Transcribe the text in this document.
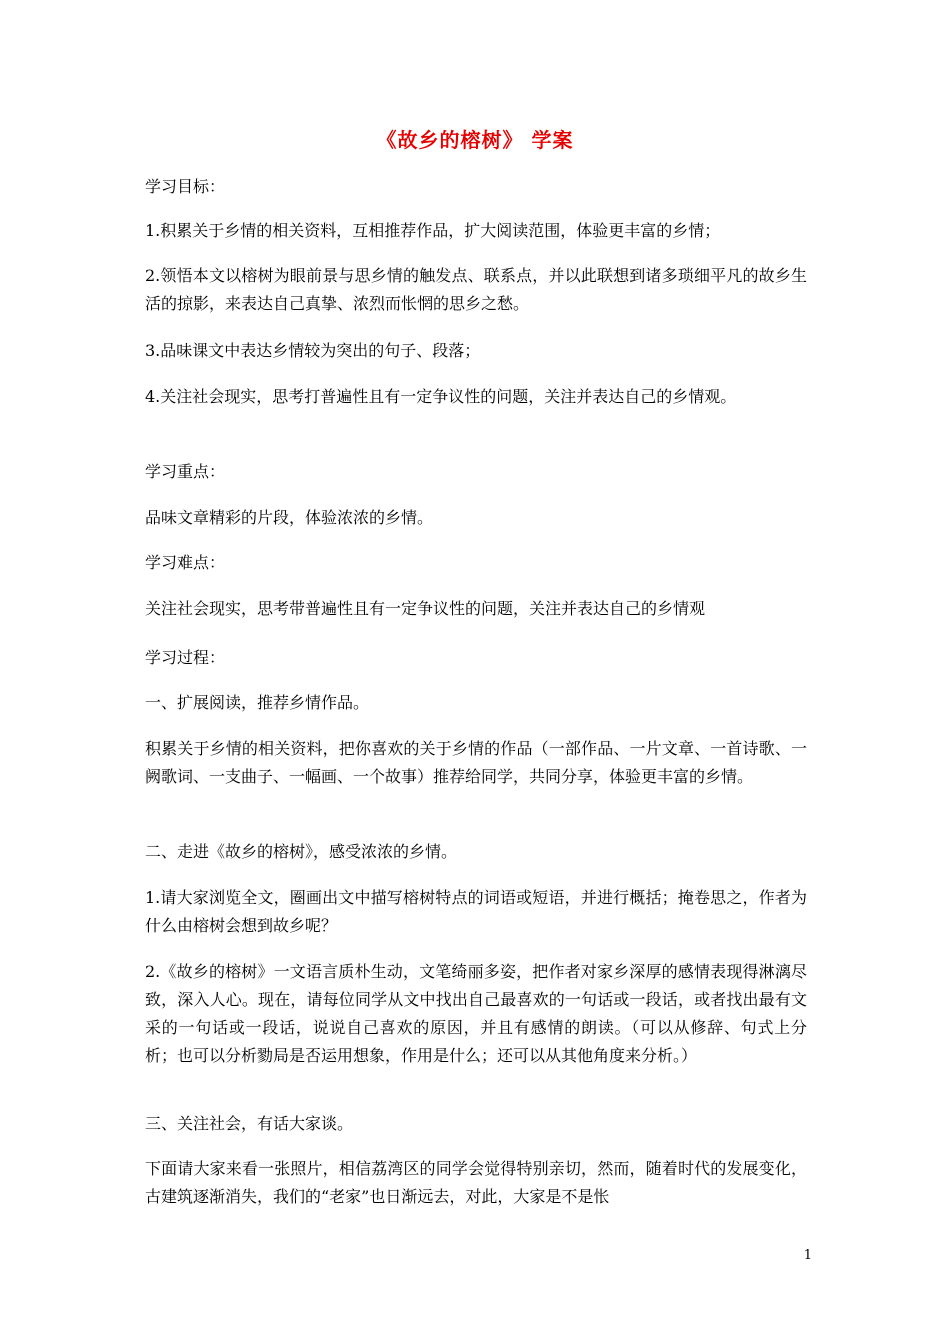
《故乡的榕树》 学案
学习目标：
1.积累关于乡情的相关资料，互相推荐作品，扩大阅读范围，体验更丰富的乡情；
2.领悟本文以榕树为眼前景与思乡情的触发点、联系点，并以此联想到诸多琐细平凡的故乡生活的掠影，来表达自己真挚、浓烈而怅惘的思乡之愁。
3.品味课文中表达乡情较为突出的句子、段落；
4.关注社会现实，思考打普遍性且有一定争议性的问题，关注并表达自己的乡情观。
学习重点：
品味文章精彩的片段，体验浓浓的乡情。
学习难点：
关注社会现实，思考带普遍性且有一定争议性的问题，关注并表达自己的乡情观
学习过程：
一、扩展阅读，推荐乡情作品。
积累关于乡情的相关资料，把你喜欢的关于乡情的作品（一部作品、一片文章、一首诗歌、一阙歌词、一支曲子、一幅画、一个故事）推荐给同学，共同分享，体验更丰富的乡情。
二、走进《故乡的榕树》，感受浓浓的乡情。
1.请大家浏览全文，圈画出文中描写榕树特点的词语或短语，并进行概括；掩卷思之，作者为什么由榕树会想到故乡呢？
2.《故乡的榕树》一文语言质朴生动，文笔绮丽多姿，把作者对家乡深厚的感情表现得淋漓尽致，深入人心。现在，请每位同学从文中找出自己最喜欢的一句话或一段话，或者找出最有文采的一句话或一段话，说说自己喜欢的原因，并且有感情的朗读。（可以从修辞、句式上分析；也可以分析勠局是否运用想象，作用是什么；还可以从其他角度来分析。）
三、关注社会，有话大家谈。
下面请大家来看一张照片，相信荔湾区的同学会觉得特别亲切，然而，随着时代的发展变化，古建筑逐渐消失，我们的“老家”也日渐远去，对此，大家是不是怅
1
